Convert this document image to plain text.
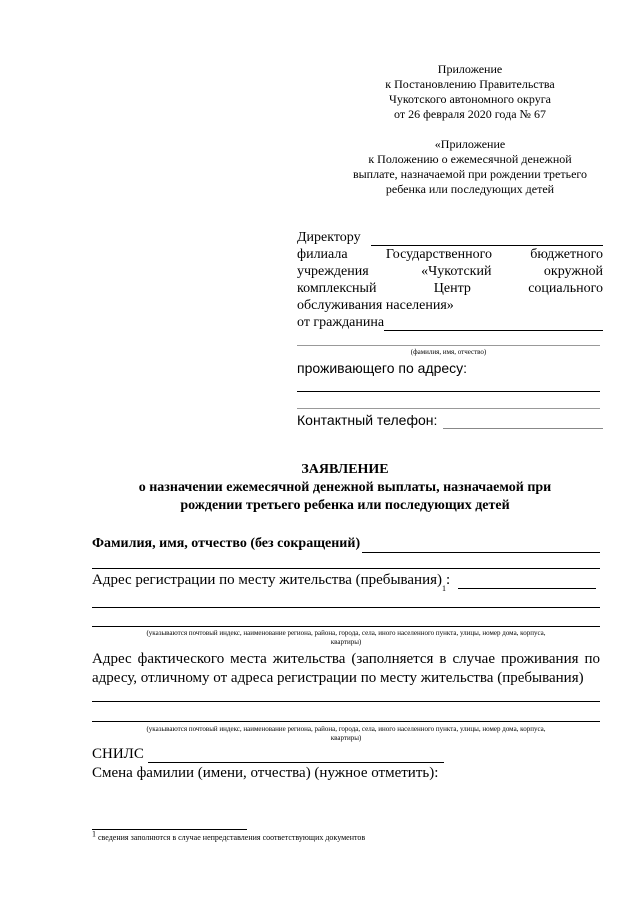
Приложение
к Постановлению Правительства
Чукотского автономного округа
от 26 февраля 2020 года № 67
«Приложение
к Положению о ежемесячной денежной
выплате, назначаемой при рождении третьего
ребенка или последующих детей
Директору
филиала Государственного бюджетного
учреждения «Чукотский окружной
комплексный Центр социального
обслуживания населения»
от гражданина
(фамилия, имя, отчество)
проживающего по адресу:
Контактный телефон:
ЗАЯВЛЕНИЕ
о назначении ежемесячной денежной выплаты, назначаемой при
рождении третьего ребенка или последующих детей
Фамилия, имя, отчество (без сокращений)
Адрес регистрации по месту жительства (пребывания)
1
:
(указываются почтовый индекс, наименование региона, района, города, села, иного населенного пункта, улицы, номер дома, корпуса,
квартиры)
Адрес фактического места жительства (заполняется в случае проживания по адресу, отличному от адреса регистрации по месту жительства (пребывания)
(указываются почтовый индекс, наименование региона, района, города, села, иного населенного пункта, улицы, номер дома, корпуса,
квартиры)
СНИЛС
Смена фамилии (имени, отчества) (нужное отметить):
$^1$ сведения заполнются в случае непредставления соответствующих документов
